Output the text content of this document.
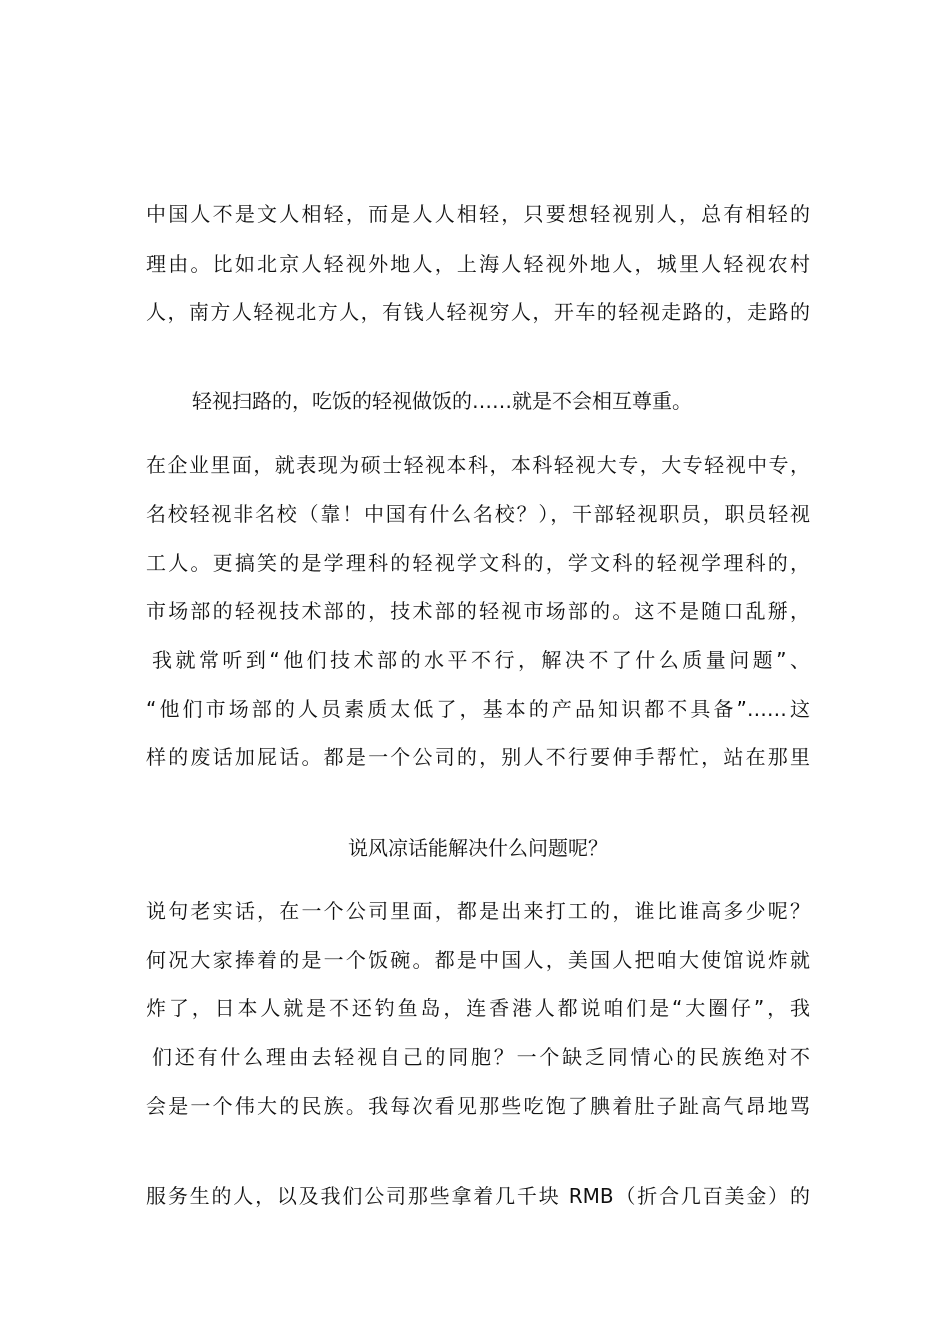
中国人不是文人相轻，而是人人相轻，只要想轻视别人，总有相轻的
理由。比如北京人轻视外地人，上海人轻视外地人，城里人轻视农村
人，南方人轻视北方人，有钱人轻视穷人，开车的轻视走路的，走路的
轻视扫路的，吃饭的轻视做饭的……就是不会相互尊重。
在企业里面，就表现为硕士轻视本科，本科轻视大专，大专轻视中专，
名校轻视非名校（靠！中国有什么名校？），干部轻视职员，职员轻视
工人。更搞笑的是学理科的轻视学文科的，学文科的轻视学理科的，
市场部的轻视技术部的，技术部的轻视市场部的。这不是随口乱掰，
我就常听到“他们技术部的水平不行，解决不了什么质量问题”、
“他们市场部的人员素质太低了，基本的产品知识都不具备”……这
样的废话加屁话。都是一个公司的，别人不行要伸手帮忙，站在那里
说风凉话能解决什么问题呢？
说句老实话，在一个公司里面，都是出来打工的，谁比谁高多少呢？
何况大家捧着的是一个饭碗。都是中国人，美国人把咱大使馆说炸就
炸了，日本人就是不还钓鱼岛，连香港人都说咱们是“大圈仔”，我
们还有什么理由去轻视自己的同胞？一个缺乏同情心的民族绝对不
会是一个伟大的民族。我每次看见那些吃饱了腆着肚子趾高气昂地骂
服务生的人，以及我们公司那些拿着几千块 RMB（折合几百美金）的
